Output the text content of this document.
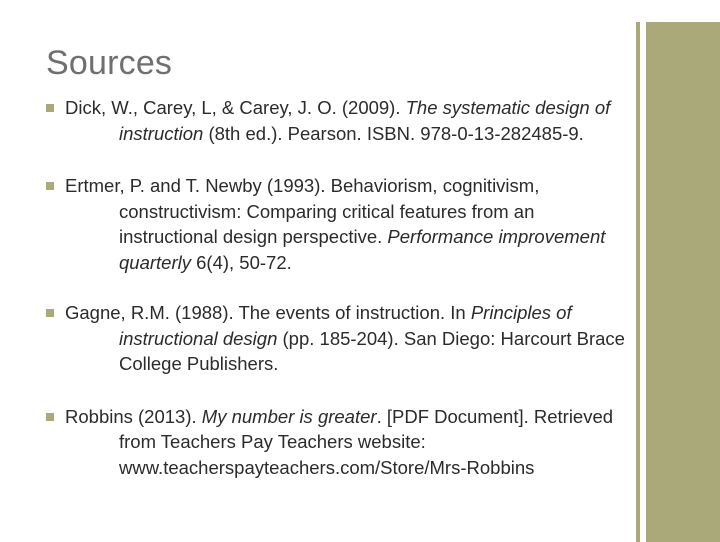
Sources
Dick, W., Carey, L, & Carey, J. O. (2009). The systematic design of instruction (8th ed.). Pearson. ISBN. 978-0-13-282485-9.
Ertmer, P. and T. Newby (1993). Behaviorism, cognitivism, constructivism: Comparing critical features from an instructional design perspective. Performance improvement quarterly 6(4), 50-72.
Gagne, R.M. (1988). The events of instruction. In Principles of instructional design (pp. 185-204). San Diego: Harcourt Brace College Publishers.
Robbins (2013). My number is greater. [PDF Document]. Retrieved from Teachers Pay Teachers website: www.teacherspayteachers.com/Store/Mrs-Robbins
